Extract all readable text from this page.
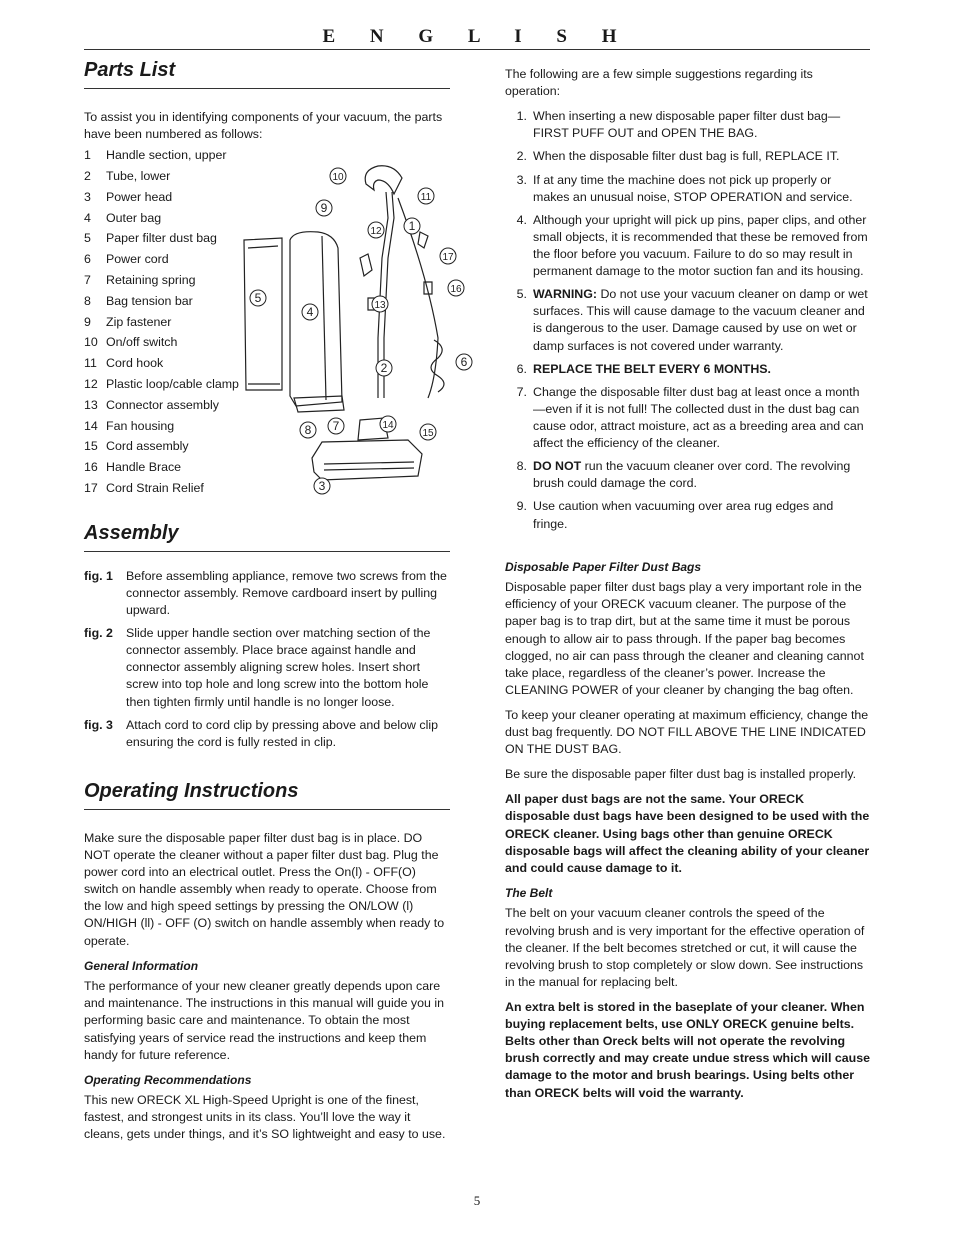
E N G L I S H
Parts List

To assist you in identifying components of your vacuum, the parts have been numbered as follows:

1 Handle section, upper
2 Tube, lower
3 Power head
4 Outer bag
5 Paper filter dust bag
6 Power cord
7 Retaining spring
8 Bag tension bar
9 Zip fastener
10 On/off switch
11 Cord hook
12 Plastic loop/cable clamp
13 Connector assembly
14 Fan housing
15 Cord assembly
16 Handle Brace
17 Cord Strain Relief
Assembly
fig. 1	Before assembling appliance, remove two screws from the connector assembly. Remove cardboard insert by pulling upward.
fig. 2	Slide upper handle section over matching section of the connector assembly. Place brace against handle and connector assembly aligning screw holes. Insert short screw into top hole and long screw into the bottom hole then tighten firmly until handle is no longer loose.
fig. 3	Attach cord to cord clip by pressing above and below clip ensuring the cord is fully rested in clip.
Operating Instructions

Make sure the disposable paper filter dust bag is in place. DO NOT operate the cleaner without a paper filter dust bag. Plug the power cord into an electrical outlet. Press the On(l) - OFF(O) switch on handle assembly when ready to operate. Choose from the low and high speed settings by pressing the ON/LOW (l) ON/HIGH (ll) - OFF (O) switch on handle assembly when ready to operate.

General Information

The performance of your new cleaner greatly depends upon care and maintenance. The instructions in this manual will guide you in performing basic care and maintenance. To obtain the most satisfying years of service read the instructions and keep them handy for future reference.

Operating Recommendations

This new ORECK XL High-Speed Upright is one of the finest, fastest, and strongest units in its class. You’ll love the way it cleans, gets under things, and it’s SO lightweight and easy to use.

10
11
9
12 1
17
5
16
4	13
2	6
8 7	14
15
3

The following are a few simple suggestions regarding its operation:

1. When inserting a new disposable paper filter dust bag—FIRST PUFF OUT and OPEN THE BAG.
2. When the disposable filter dust bag is full, REPLACE IT.
3. If at any time the machine does not pick up properly or makes an unusual noise, STOP OPERATION and service.
4. Although your upright will pick up pins, paper clips, and other small objects, it is recommended that these be removed from the floor before you vacuum. Failure to do so may result in permanent damage to the motor suction fan and its housing.
5. WARNING: Do not use your vacuum cleaner on damp or wet surfaces. This will cause damage to the vacuum cleaner and is dangerous to the user. Damage caused by use on wet or damp surfaces is not covered under warranty.
6. REPLACE THE BELT EVERY 6 MONTHS.
7. Change the disposable filter dust bag at least once a month—even if it is not full! The collected dust in the dust bag can cause odor, attract moisture, act as a breeding area and can affect the efficiency of the cleaner.
8. DO NOT run the vacuum cleaner over cord. The revolving brush could damage the cord.
9. Use caution when vacuuming over area rug edges and fringe.

Disposable Paper Filter Dust Bags

Disposable paper filter dust bags play a very important role in the efficiency of your ORECK vacuum cleaner. The purpose of the paper bag is to trap dirt, but at the same time it must be porous enough to allow air to pass through. If the paper bag becomes clogged, no air can pass through the cleaner and cleaning cannot take place, regardless of the cleaner’s power. Increase the CLEANING POWER of your cleaner by changing the bag often.

To keep your cleaner operating at maximum efficiency, change the dust bag frequently. DO NOT FILL ABOVE THE LINE INDICATED ON THE DUST BAG.

Be sure the disposable paper filter dust bag is installed properly.

All paper dust bags are not the same. Your ORECK disposable dust bags have been designed to be used with the ORECK cleaner. Using bags other than genuine ORECK disposable bags will affect the cleaning ability of your cleaner and could cause damage to it.

The Belt

The belt on your vacuum cleaner controls the speed of the revolving brush and is very important for the effective operation of the cleaner. If the belt becomes stretched or cut, it will cause the revolving brush to stop completely or slow down. See instructions in the manual for replacing belt.

An extra belt is stored in the baseplate of your cleaner. When buying replacement belts, use ONLY ORECK genuine belts. Belts other than Oreck belts will not operate the revolving brush correctly and may create undue stress which will cause damage to the motor and brush bearings. Using belts other than ORECK belts will void the warranty.

5
